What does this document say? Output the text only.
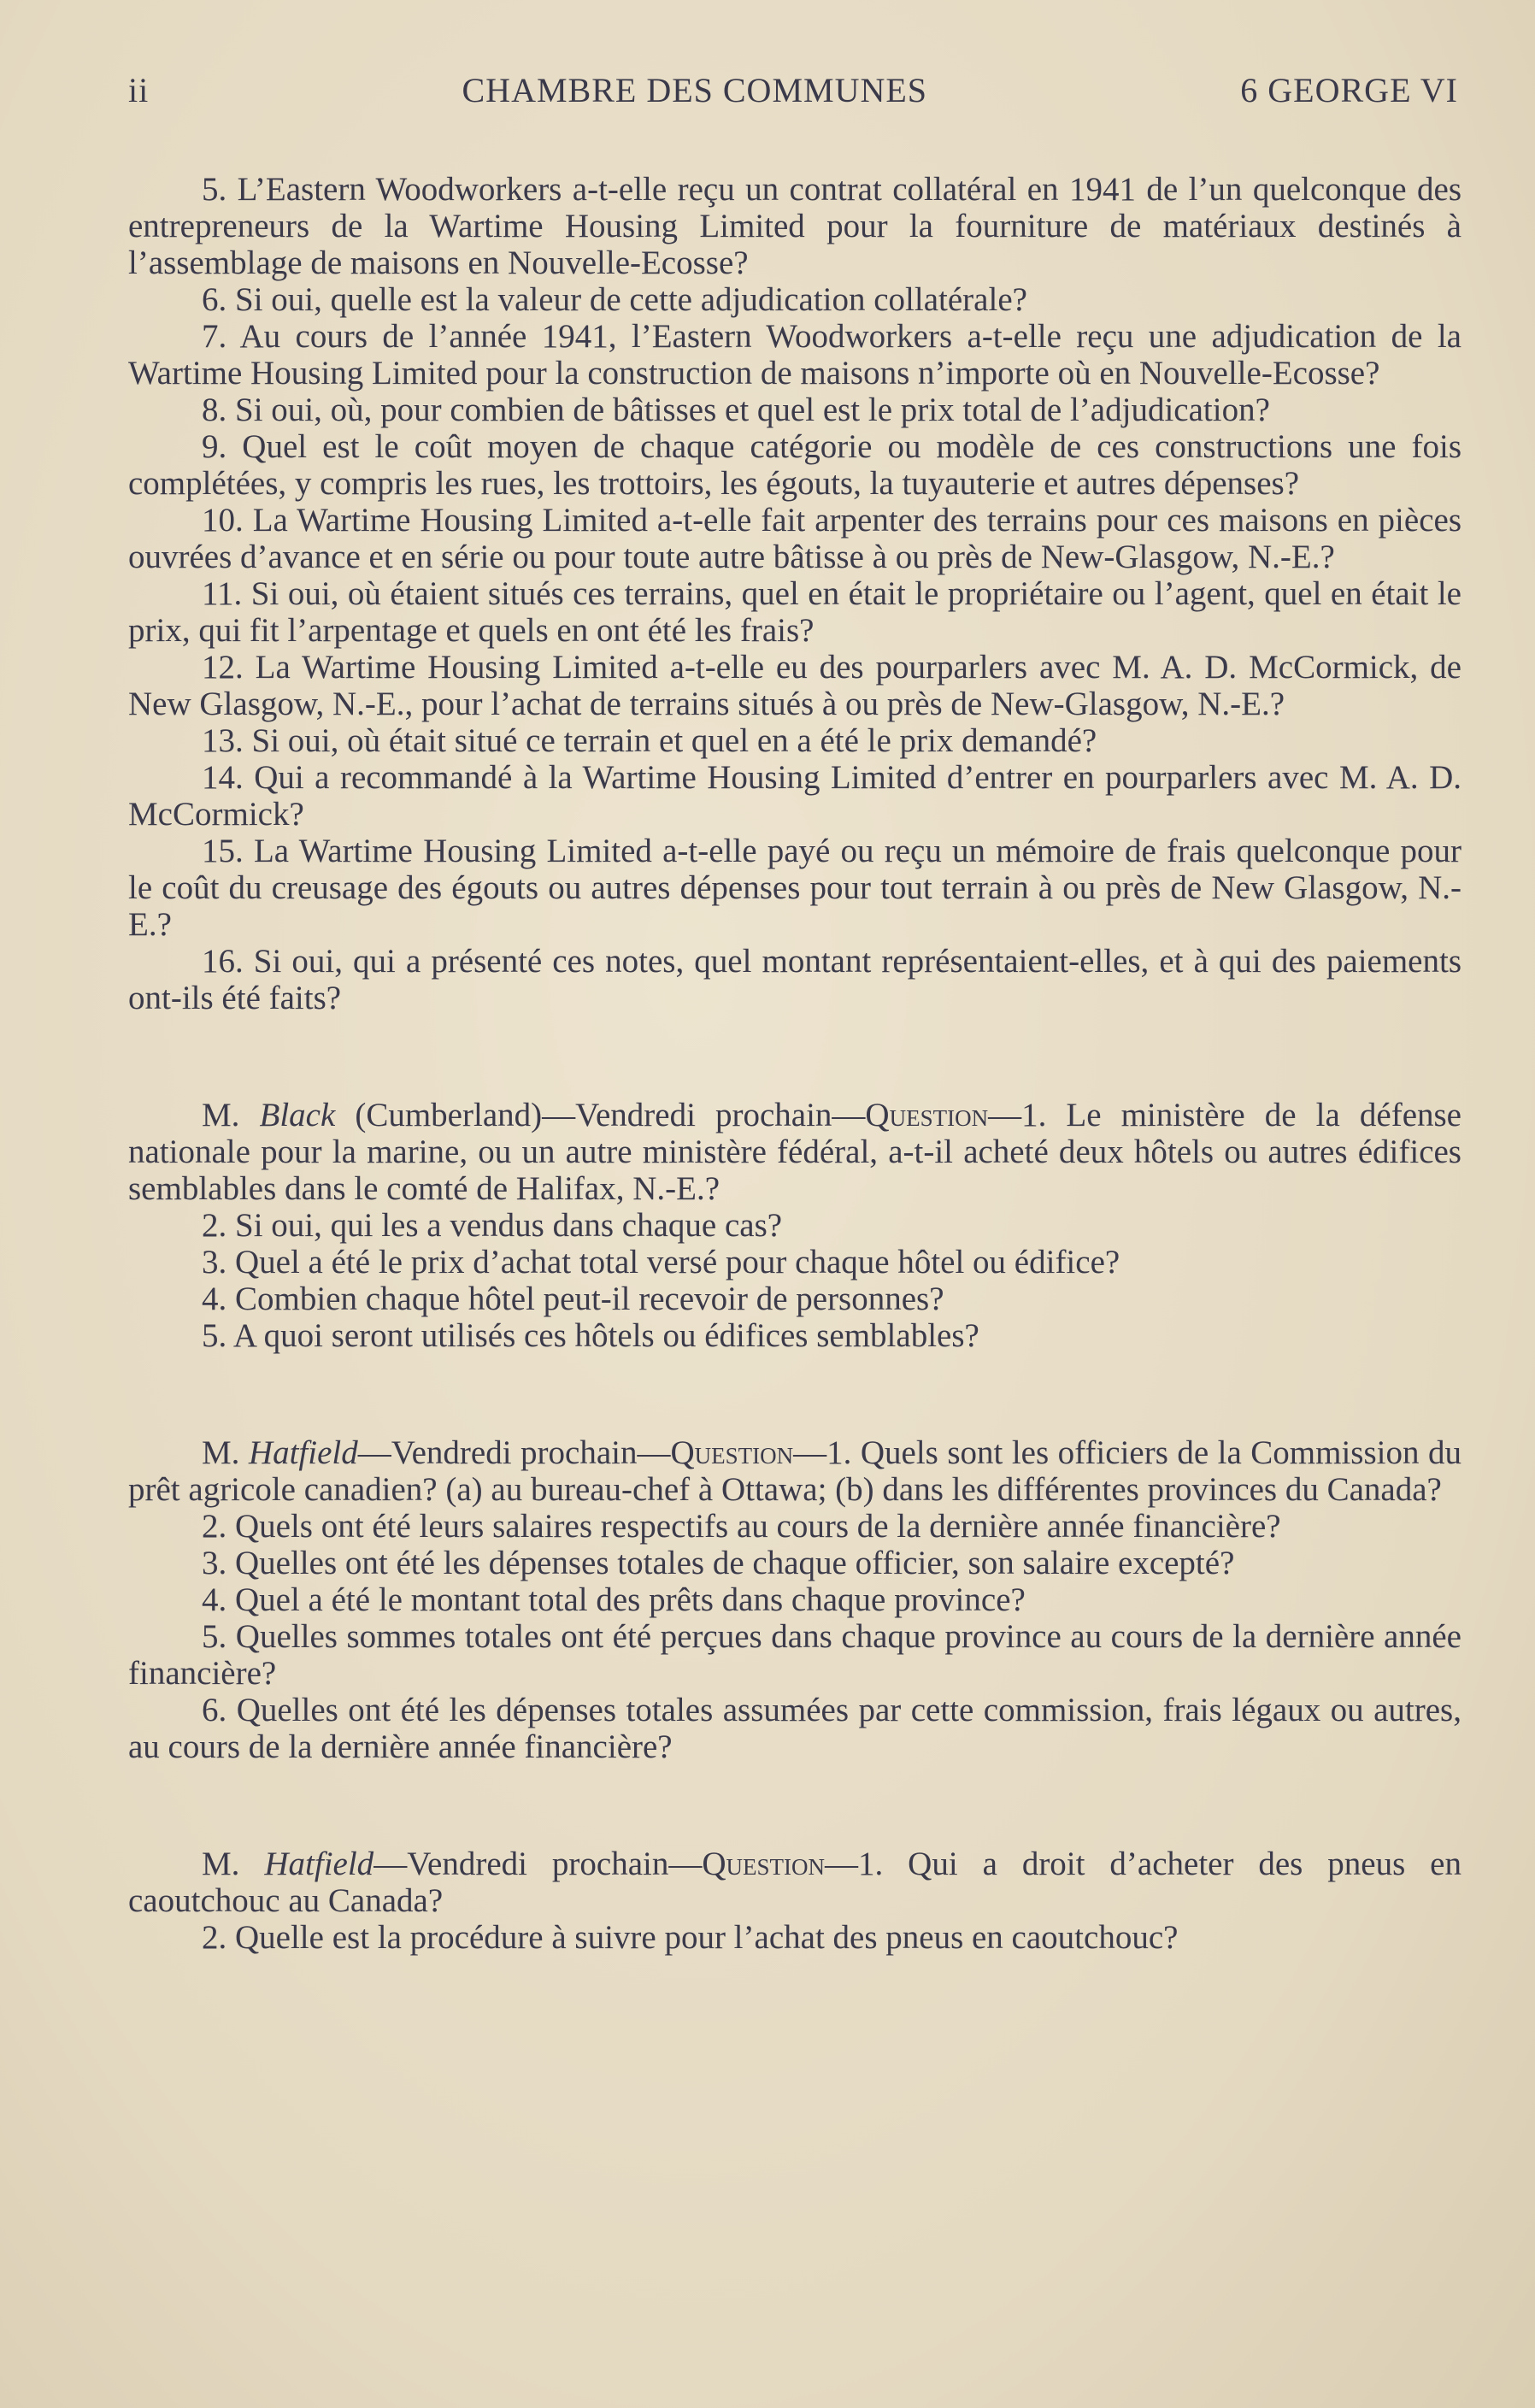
ii	CHAMBRE DES COMMUNES	6 GEORGE VI

5. L’Eastern Woodworkers a-t-elle reçu un contrat collatéral en 1941 de l’un quelconque des entrepreneurs de la Wartime Housing Limited pour la fourniture de matériaux destinés à l’assemblage de maisons en Nouvelle-Ecosse?

6. Si oui, quelle est la valeur de cette adjudication collatérale?

7. Au cours de l’année 1941, l’Eastern Woodworkers a-t-elle reçu une adjudication de la Wartime Housing Limited pour la construction de maisons n’importe où en Nouvelle-Ecosse?

8. Si oui, où, pour combien de bâtisses et quel est le prix total de l’adjudication?

9. Quel est le coût moyen de chaque catégorie ou modèle de ces constructions une fois complétées, y compris les rues, les trottoirs, les égouts, la tuyauterie et autres dépenses?

10. La Wartime Housing Limited a-t-elle fait arpenter des terrains pour ces maisons en pièces ouvrées d’avance et en série ou pour toute autre bâtisse à ou près de New-Glasgow, N.-E.?

11. Si oui, où étaient situés ces terrains, quel en était le propriétaire ou l’agent, quel en était le prix, qui fit l’arpentage et quels en ont été les frais?

12. La Wartime Housing Limited a-t-elle eu des pourparlers avec M. A. D. McCormick, de New Glasgow, N.-E., pour l’achat de terrains situés à ou près de New-Glasgow, N.-E.?

13. Si oui, où était situé ce terrain et quel en a été le prix demandé?

14. Qui a recommandé à la Wartime Housing Limited d’entrer en pourparlers avec M. A. D. McCormick?

15. La Wartime Housing Limited a-t-elle payé ou reçu un mémoire de frais quelconque pour le coût du creusage des égouts ou autres dépenses pour tout terrain à ou près de New Glasgow, N.-E.?

16. Si oui, qui a présenté ces notes, quel montant représentaient-elles, et à qui des paiements ont-ils été faits?

M. Black (Cumberland)—Vendredi prochain—Question—1. Le ministère de la défense nationale pour la marine, ou un autre ministère fédéral, a-t-il acheté deux hôtels ou autres édifices semblables dans le comté de Halifax, N.-E.?

2. Si oui, qui les a vendus dans chaque cas?

3. Quel a été le prix d’achat total versé pour chaque hôtel ou édifice?

4. Combien chaque hôtel peut-il recevoir de personnes?

5. A quoi seront utilisés ces hôtels ou édifices semblables?

M. Hatfield—Vendredi prochain—Question—1. Quels sont les officiers de la Commission du prêt agricole canadien? (a) au bureau-chef à Ottawa; (b) dans les différentes provinces du Canada?

2. Quels ont été leurs salaires respectifs au cours de la dernière année financière?

3. Quelles ont été les dépenses totales de chaque officier, son salaire excepté?

4. Quel a été le montant total des prêts dans chaque province?

5. Quelles sommes totales ont été perçues dans chaque province au cours de la dernière année financière?

6. Quelles ont été les dépenses totales assumées par cette commission, frais légaux ou autres, au cours de la dernière année financière?

M. Hatfield—Vendredi prochain—Question—1. Qui a droit d’acheter des pneus en caoutchouc au Canada?

2. Quelle est la procédure à suivre pour l’achat des pneus en caoutchouc?
